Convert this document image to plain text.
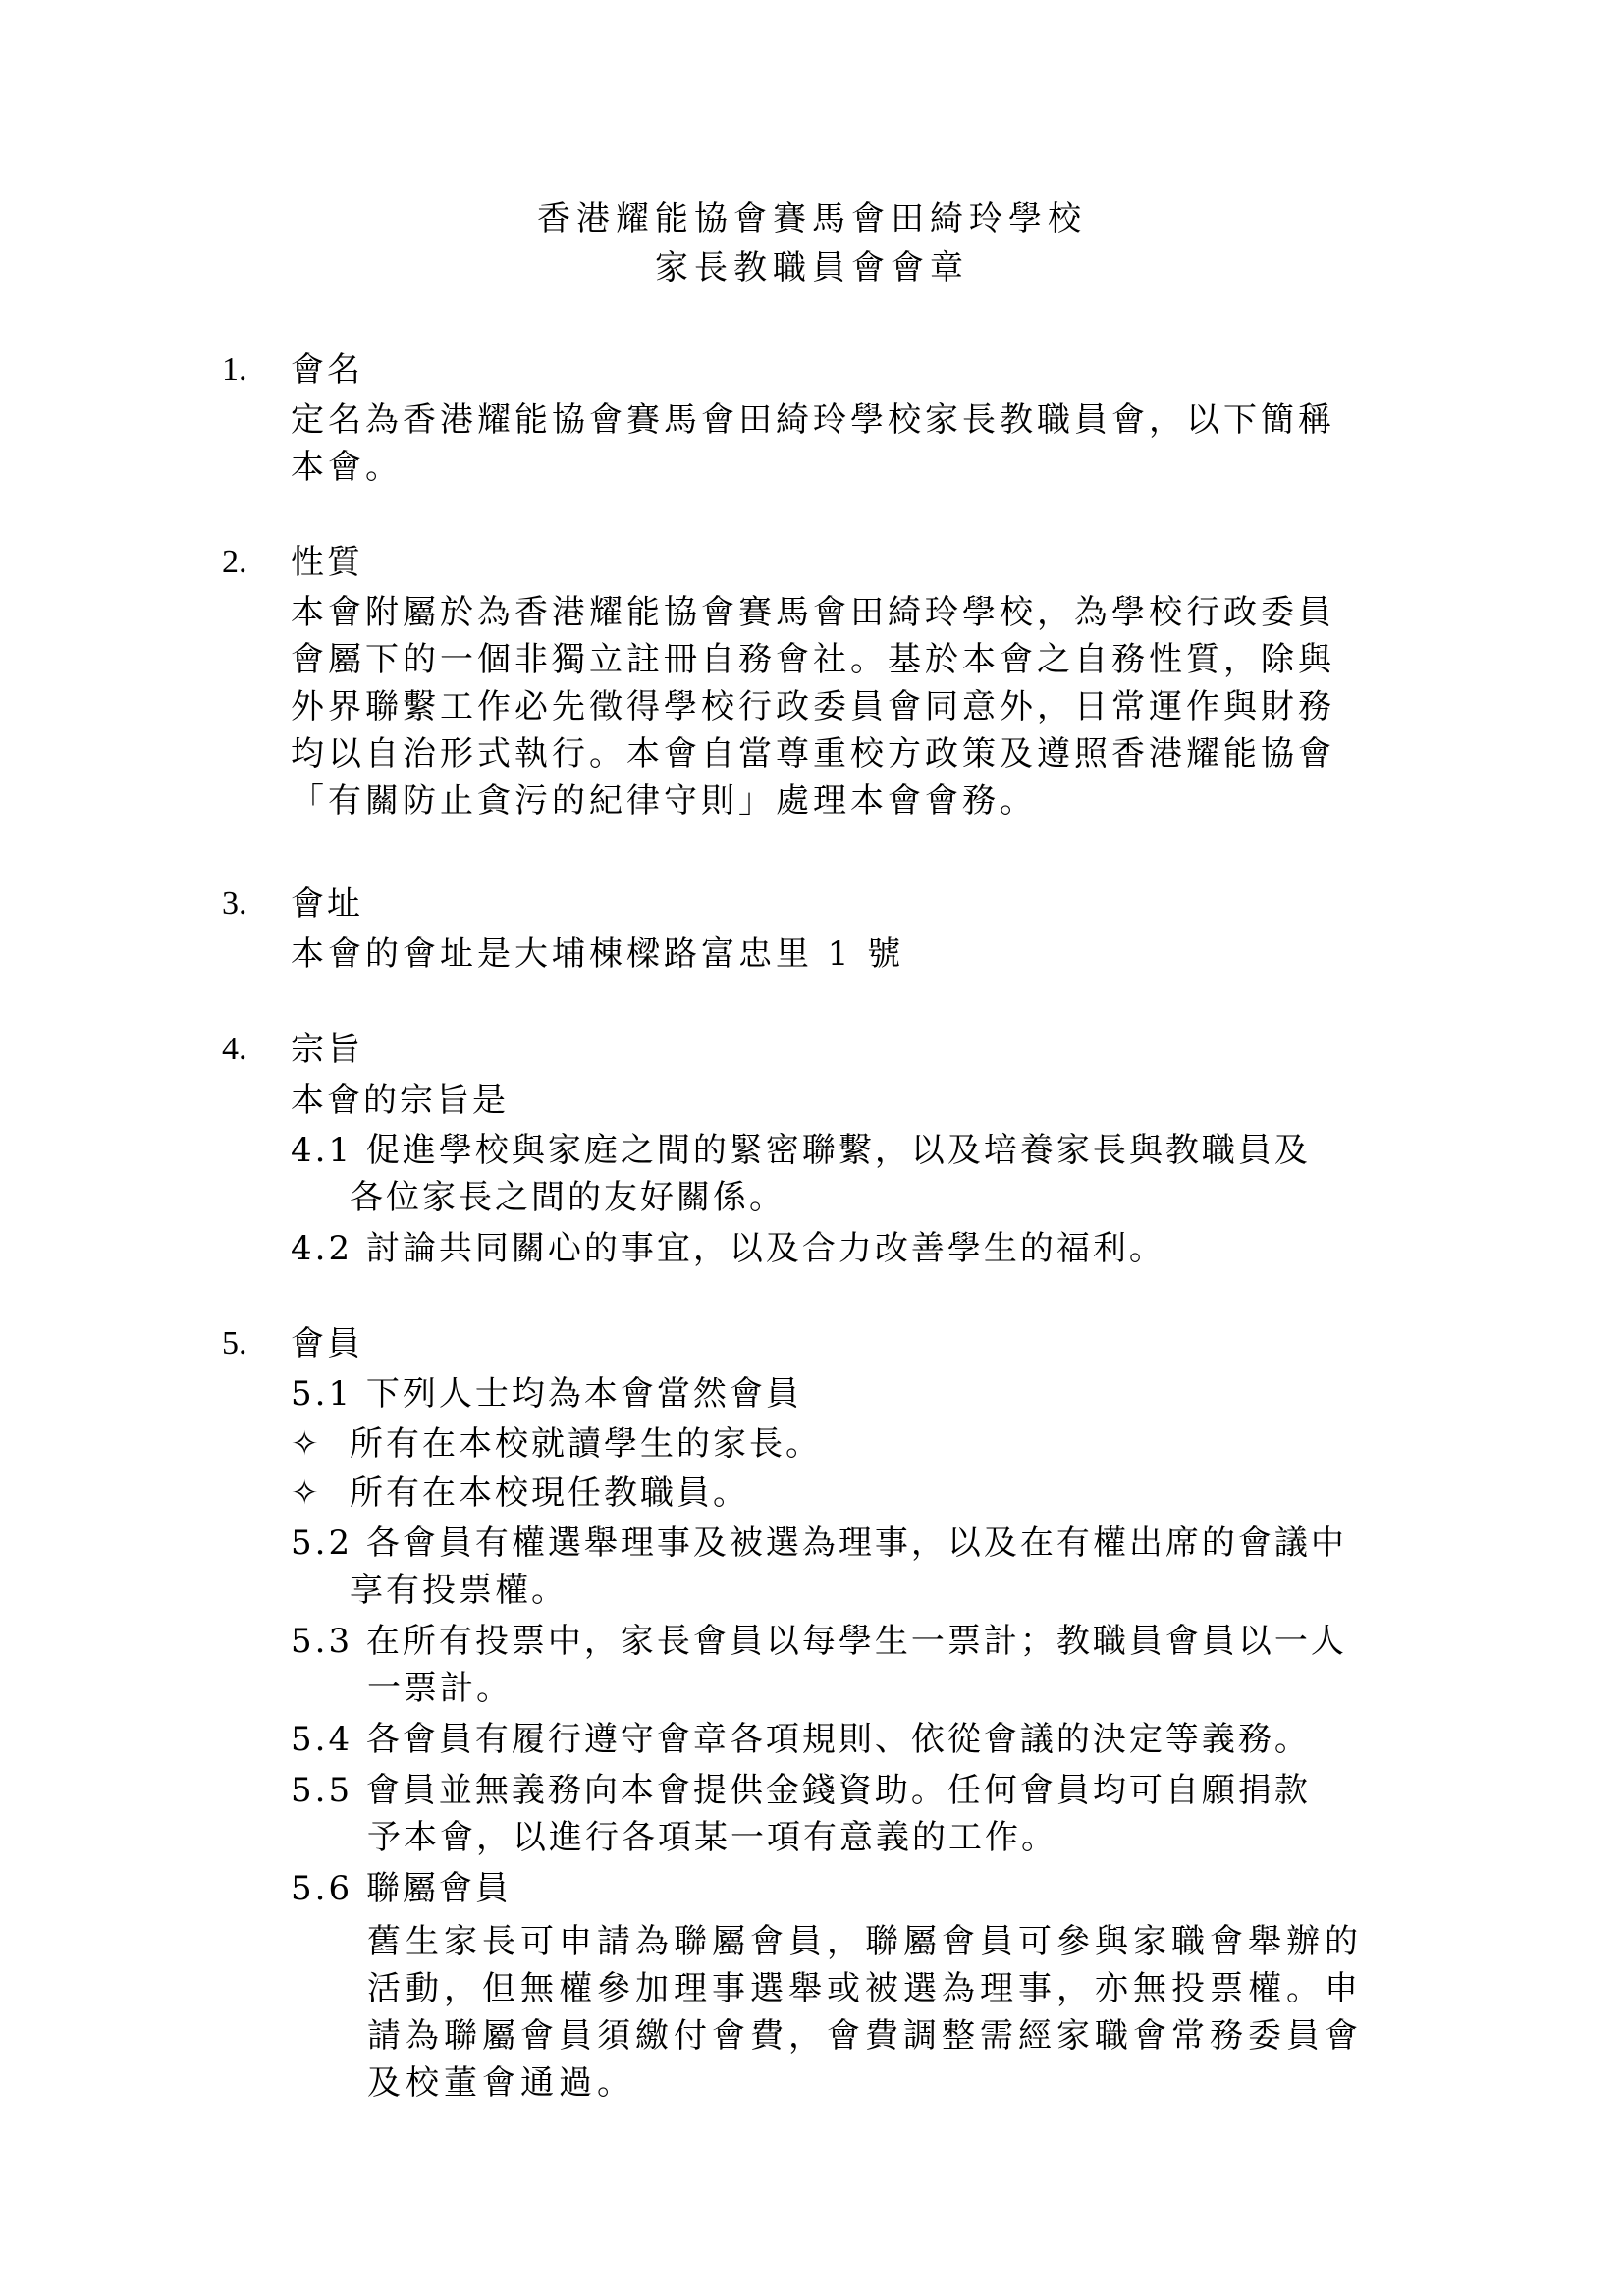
香港耀能協會賽馬會田綺玲學校
家長教職員會會章
1. 會名
定名為香港耀能協會賽馬會田綺玲學校家長教職員會，以下簡稱
本會。
2. 性質
本會附屬於為香港耀能協會賽馬會田綺玲學校，為學校行政委員
會屬下的一個非獨立註冊自務會社。基於本會之自務性質，除與
外界聯繫工作必先徵得學校行政委員會同意外，日常運作與財務
均以自治形式執行。本會自當尊重校方政策及遵照香港耀能協會
「有關防止貪污的紀律守則」處理本會會務。
3. 會址
本會的會址是大埔棟樑路富忠里 1 號
4. 宗旨
本會的宗旨是
4.1 促進學校與家庭之間的緊密聯繫，以及培養家長與教職員及
各位家長之間的友好關係。
4.2 討論共同關心的事宜，以及合力改善學生的福利。
5. 會員
5.1 下列人士均為本會當然會員
✧ 所有在本校就讀學生的家長。
✧ 所有在本校現任教職員。
5.2 各會員有權選舉理事及被選為理事，以及在有權出席的會議中
享有投票權。
5.3 在所有投票中，家長會員以每學生一票計；教職員會員以一人
一票計。
5.4 各會員有履行遵守會章各項規則、依從會議的決定等義務。
5.5 會員並無義務向本會提供金錢資助。任何會員均可自願捐款
予本會，以進行各項某一項有意義的工作。
5.6 聯屬會員
舊生家長可申請為聯屬會員，聯屬會員可參與家職會舉辦的
活動，但無權參加理事選舉或被選為理事，亦無投票權。申
請為聯屬會員須繳付會費，會費調整需經家職會常務委員會
及校董會通過。
